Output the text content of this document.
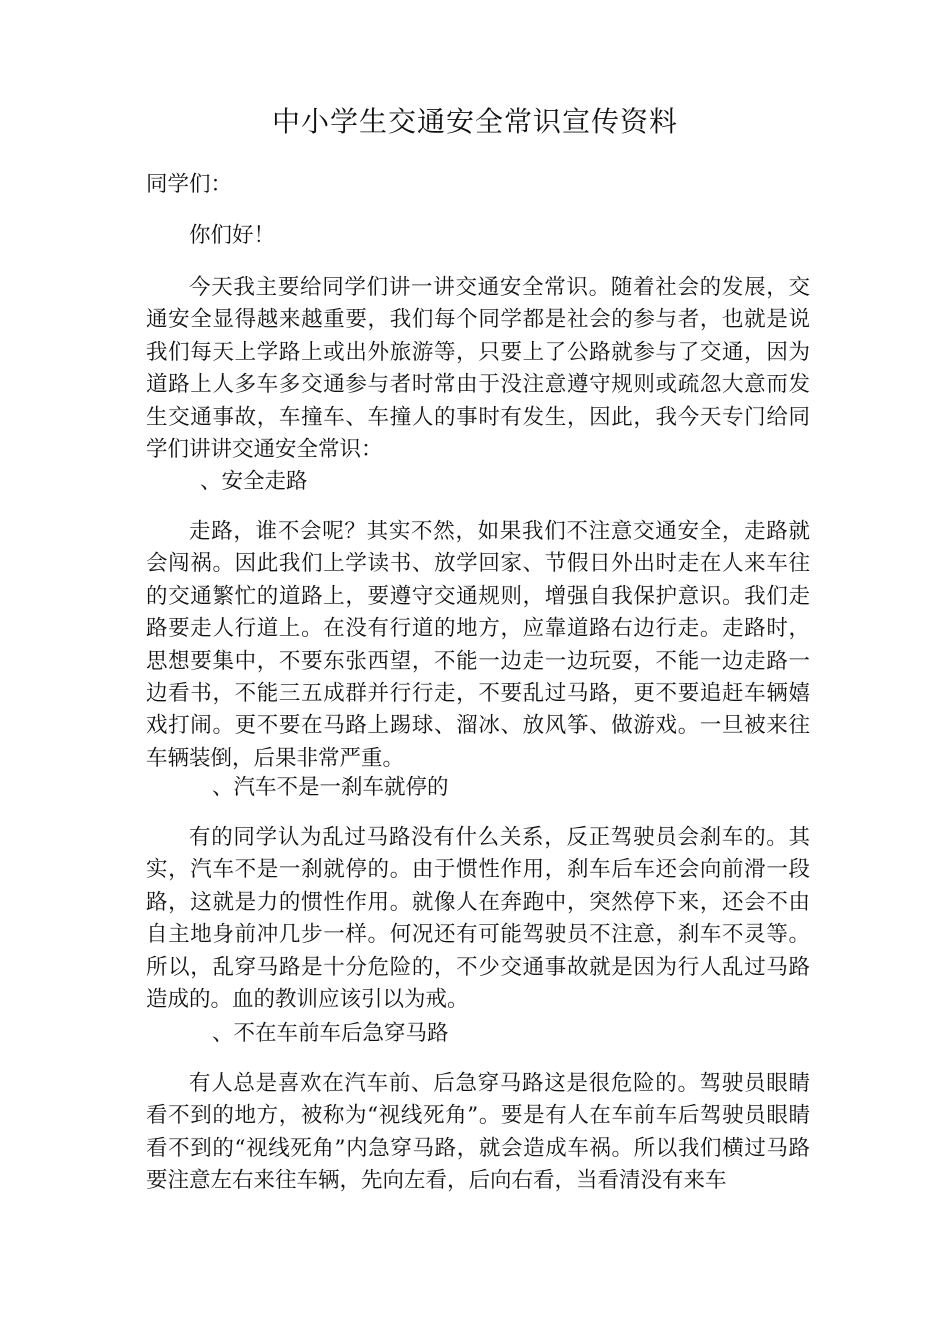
中小学生交通安全常识宣传资料

同学们：

你们好！

今天我主要给同学们讲一讲交通安全常识。随着社会的发展，交通安全显得越来越重要，我们每个同学都是社会的参与者，也就是说我们每天上学路上或出外旅游等，只要上了公路就参与了交通，因为道路上人多车多交通参与者时常由于没注意遵守规则或疏忽大意而发生交通事故，车撞车、车撞人的事时有发生，因此，我今天专门给同学们讲讲交通安全常识：

、安全走路

走路，谁不会呢？其实不然，如果我们不注意交通安全，走路就会闯祸。因此我们上学读书、放学回家、节假日外出时走在人来车往的交通繁忙的道路上，要遵守交通规则，增强自我保护意识。我们走路要走人行道上。在没有行道的地方，应靠道路右边行走。走路时，思想要集中，不要东张西望，不能一边走一边玩耍，不能一边走路一边看书，不能三五成群并行行走，不要乱过马路，更不要追赶车辆嬉戏打闹。更不要在马路上踢球、溜冰、放风筝、做游戏。一旦被来往车辆装倒，后果非常严重。

、汽车不是一刹车就停的

有的同学认为乱过马路没有什么关系，反正驾驶员会刹车的。其实，汽车不是一刹就停的。由于惯性作用，刹车后车还会向前滑一段路，这就是力的惯性作用。就像人在奔跑中，突然停下来，还会不由自主地身前冲几步一样。何况还有可能驾驶员不注意，刹车不灵等。所以，乱穿马路是十分危险的，不少交通事故就是因为行人乱过马路造成的。血的教训应该引以为戒。

、不在车前车后急穿马路

有人总是喜欢在汽车前、后急穿马路这是很危险的。驾驶员眼睛看不到的地方，被称为“视线死角”。要是有人在车前车后驾驶员眼睛看不到的“视线死角”内急穿马路，就会造成车祸。所以我们横过马路要注意左右来往车辆，先向左看，后向右看，当看清没有来车
